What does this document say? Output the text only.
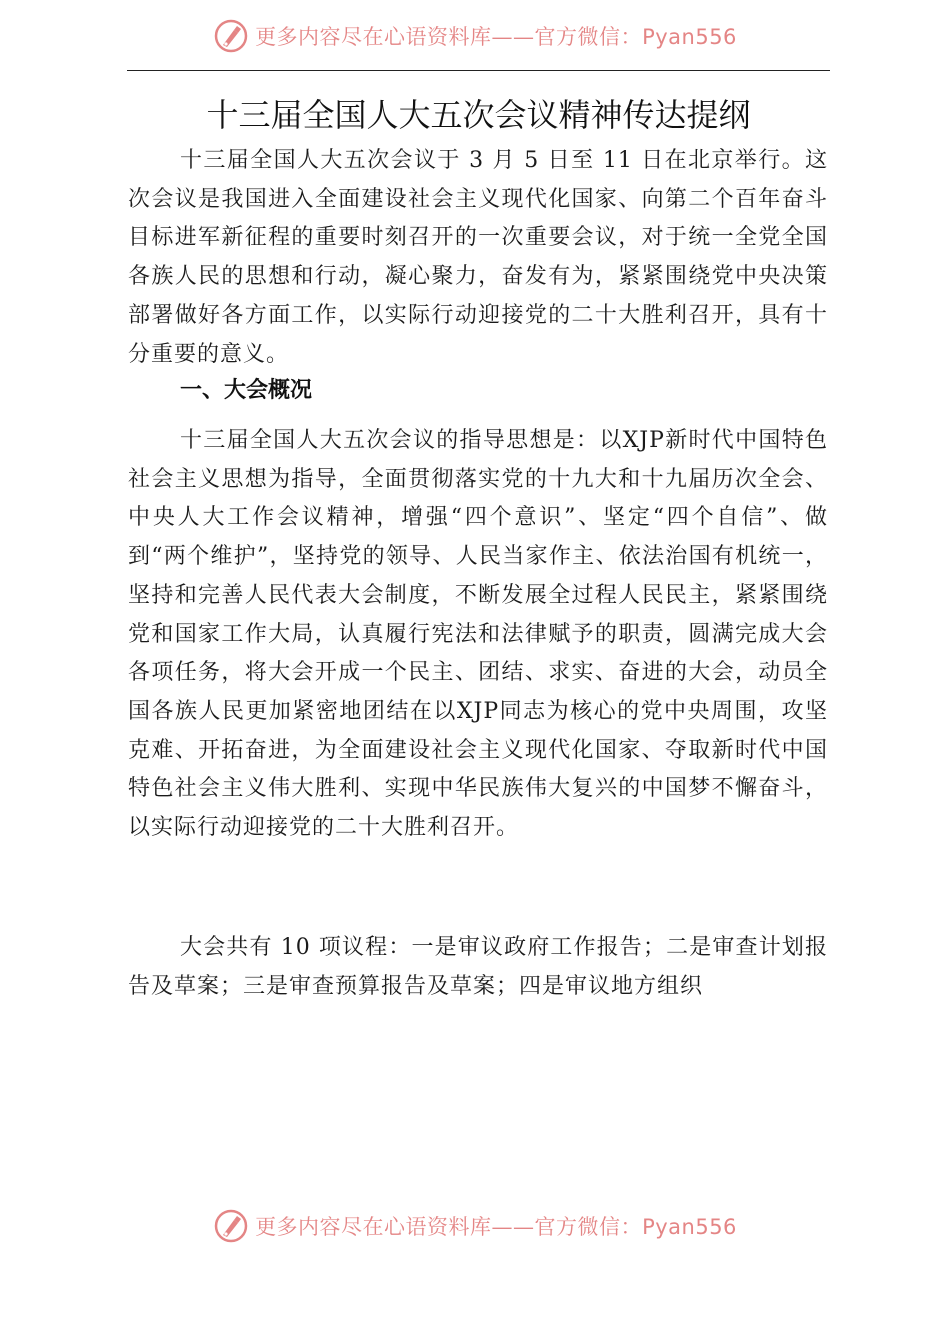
更多内容尽在心语资料库——官方微信：Pyan556
十三届全国人大五次会议精神传达提纲

十三届全国人大五次会议于 3 月 5 日至 11 日在北京举行。这次会议是我国进入全面建设社会主义现代化国家、向第二个百年奋斗目标进军新征程的重要时刻召开的一次重要会议，对于统一全党全国各族人民的思想和行动，凝心聚力，奋发有为，紧紧围绕党中央决策部署做好各方面工作，以实际行动迎接党的二十大胜利召开，具有十分重要的意义。

一、大会概况

十三届全国人大五次会议的指导思想是：以XJP新时代中国特色社会主义思想为指导，全面贯彻落实党的十九大和十九届历次全会、中央人大工作会议精神，增强“四个意识”、坚定“四个自信”、做到“两个维护”，坚持党的领导、人民当家作主、依法治国有机统一，坚持和完善人民代表大会制度，不断发展全过程人民民主，紧紧围绕党和国家工作大局，认真履行宪法和法律赋予的职责，圆满完成大会各项任务，将大会开成一个民主、团结、求实、奋进的大会，动员全国各族人民更加紧密地团结在以XJP同志为核心的党中央周围，攻坚克难、开拓奋进，为全面建设社会主义现代化国家、夺取新时代中国特色社会主义伟大胜利、实现中华民族伟大复兴的中国梦不懈奋斗，以实际行动迎接党的二十大胜利召开。

大会共有 10 项议程：一是审议政府工作报告；二是审查计划报告及草案；三是审查预算报告及草案；四是审议地方组织

更多内容尽在心语资料库——官方微信：Pyan556
